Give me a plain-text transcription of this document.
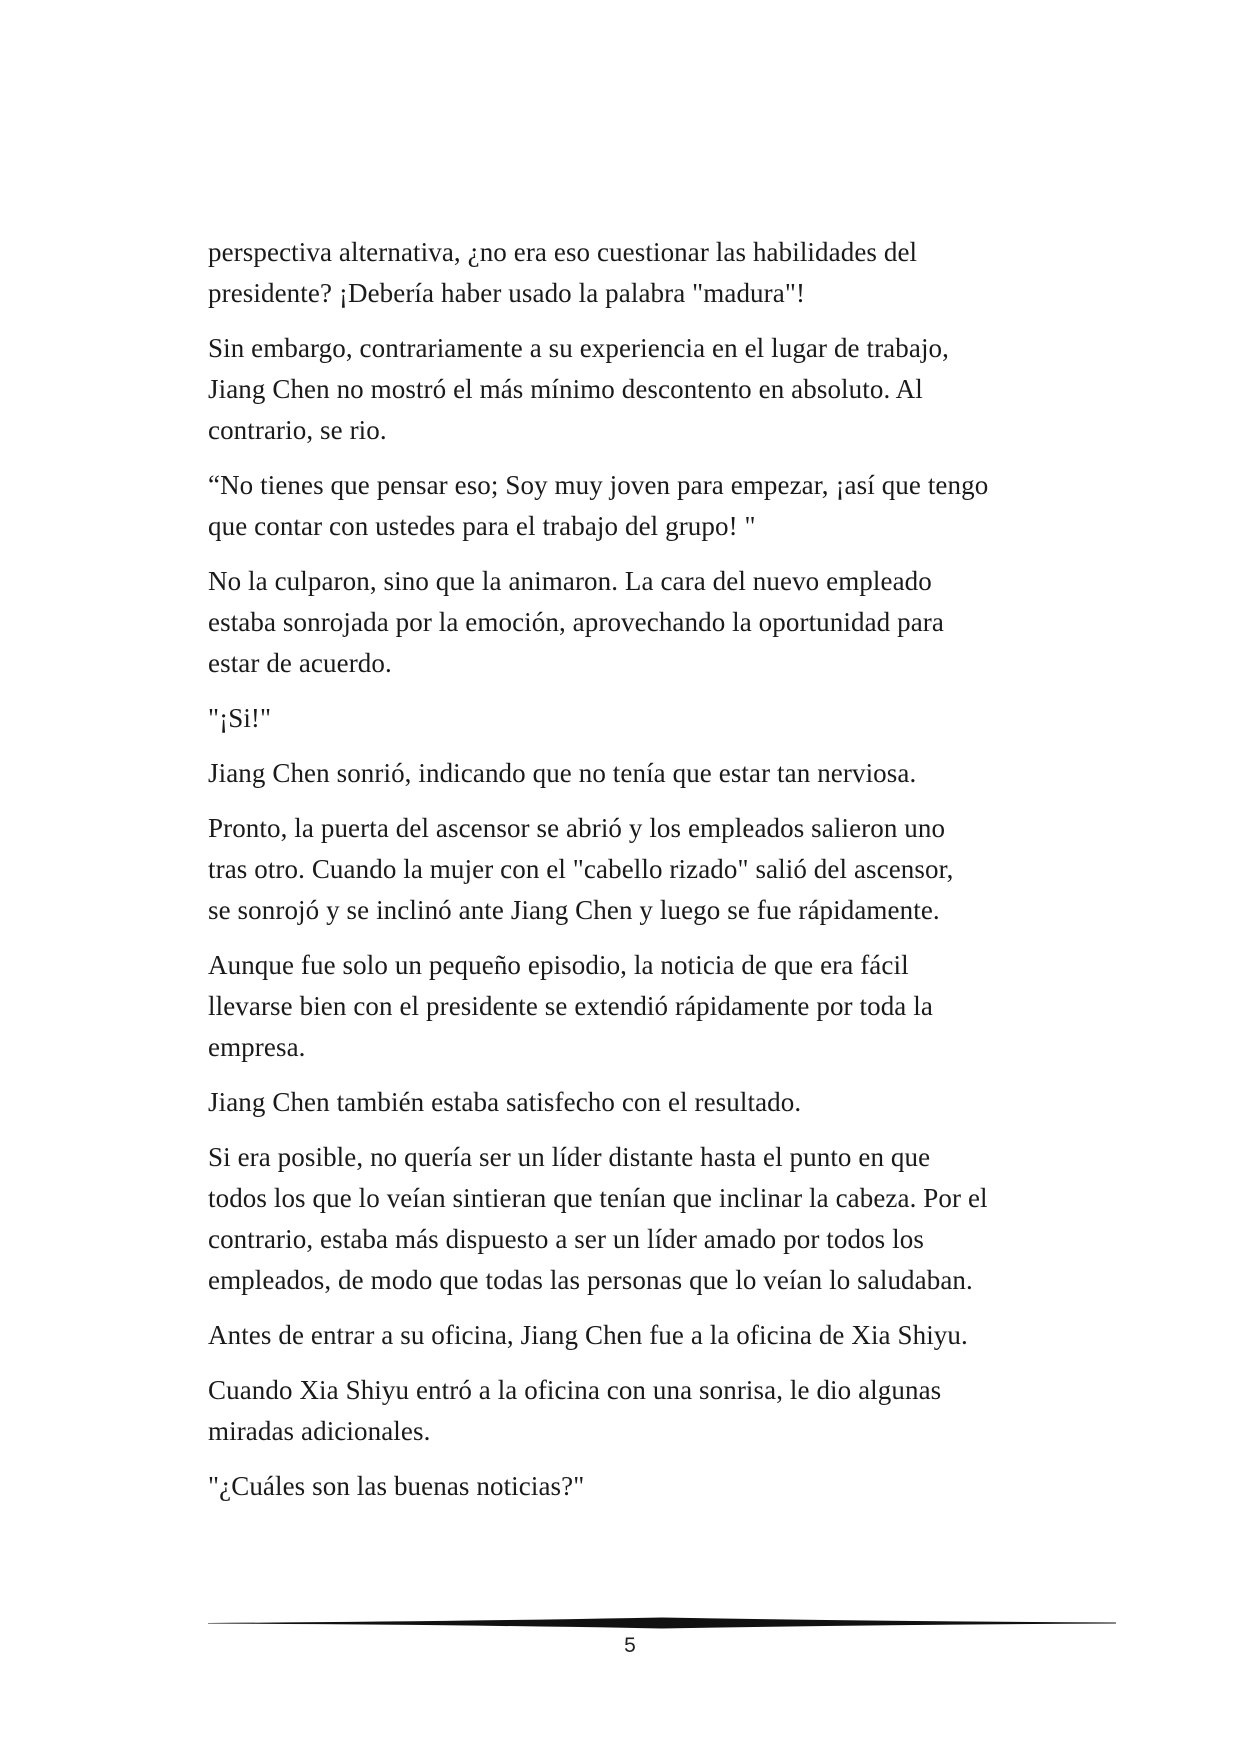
perspectiva alternativa, ¿no era eso cuestionar las habilidades del
presidente? ¡Debería haber usado la palabra "madura"!

Sin embargo, contrariamente a su experiencia en el lugar de trabajo,
Jiang Chen no mostró el más mínimo descontento en absoluto. Al
contrario, se rio.

“No tienes que pensar eso; Soy muy joven para empezar, ¡así que tengo
que contar con ustedes para el trabajo del grupo! "

No la culparon, sino que la animaron. La cara del nuevo empleado
estaba sonrojada por la emoción, aprovechando la oportunidad para
estar de acuerdo.

"¡Si!"

Jiang Chen sonrió, indicando que no tenía que estar tan nerviosa.

Pronto, la puerta del ascensor se abrió y los empleados salieron uno
tras otro. Cuando la mujer con el "cabello rizado" salió del ascensor,
se sonrojó y se inclinó ante Jiang Chen y luego se fue rápidamente.

Aunque fue solo un pequeño episodio, la noticia de que era fácil
llevarse bien con el presidente se extendió rápidamente por toda la
empresa.

Jiang Chen también estaba satisfecho con el resultado.

Si era posible, no quería ser un líder distante hasta el punto en que
todos los que lo veían sintieran que tenían que inclinar la cabeza. Por el
contrario, estaba más dispuesto a ser un líder amado por todos los
empleados, de modo que todas las personas que lo veían lo saludaban.

Antes de entrar a su oficina, Jiang Chen fue a la oficina de Xia Shiyu.

Cuando Xia Shiyu entró a la oficina con una sonrisa, le dio algunas
miradas adicionales.

"¿Cuáles son las buenas noticias?"

5
